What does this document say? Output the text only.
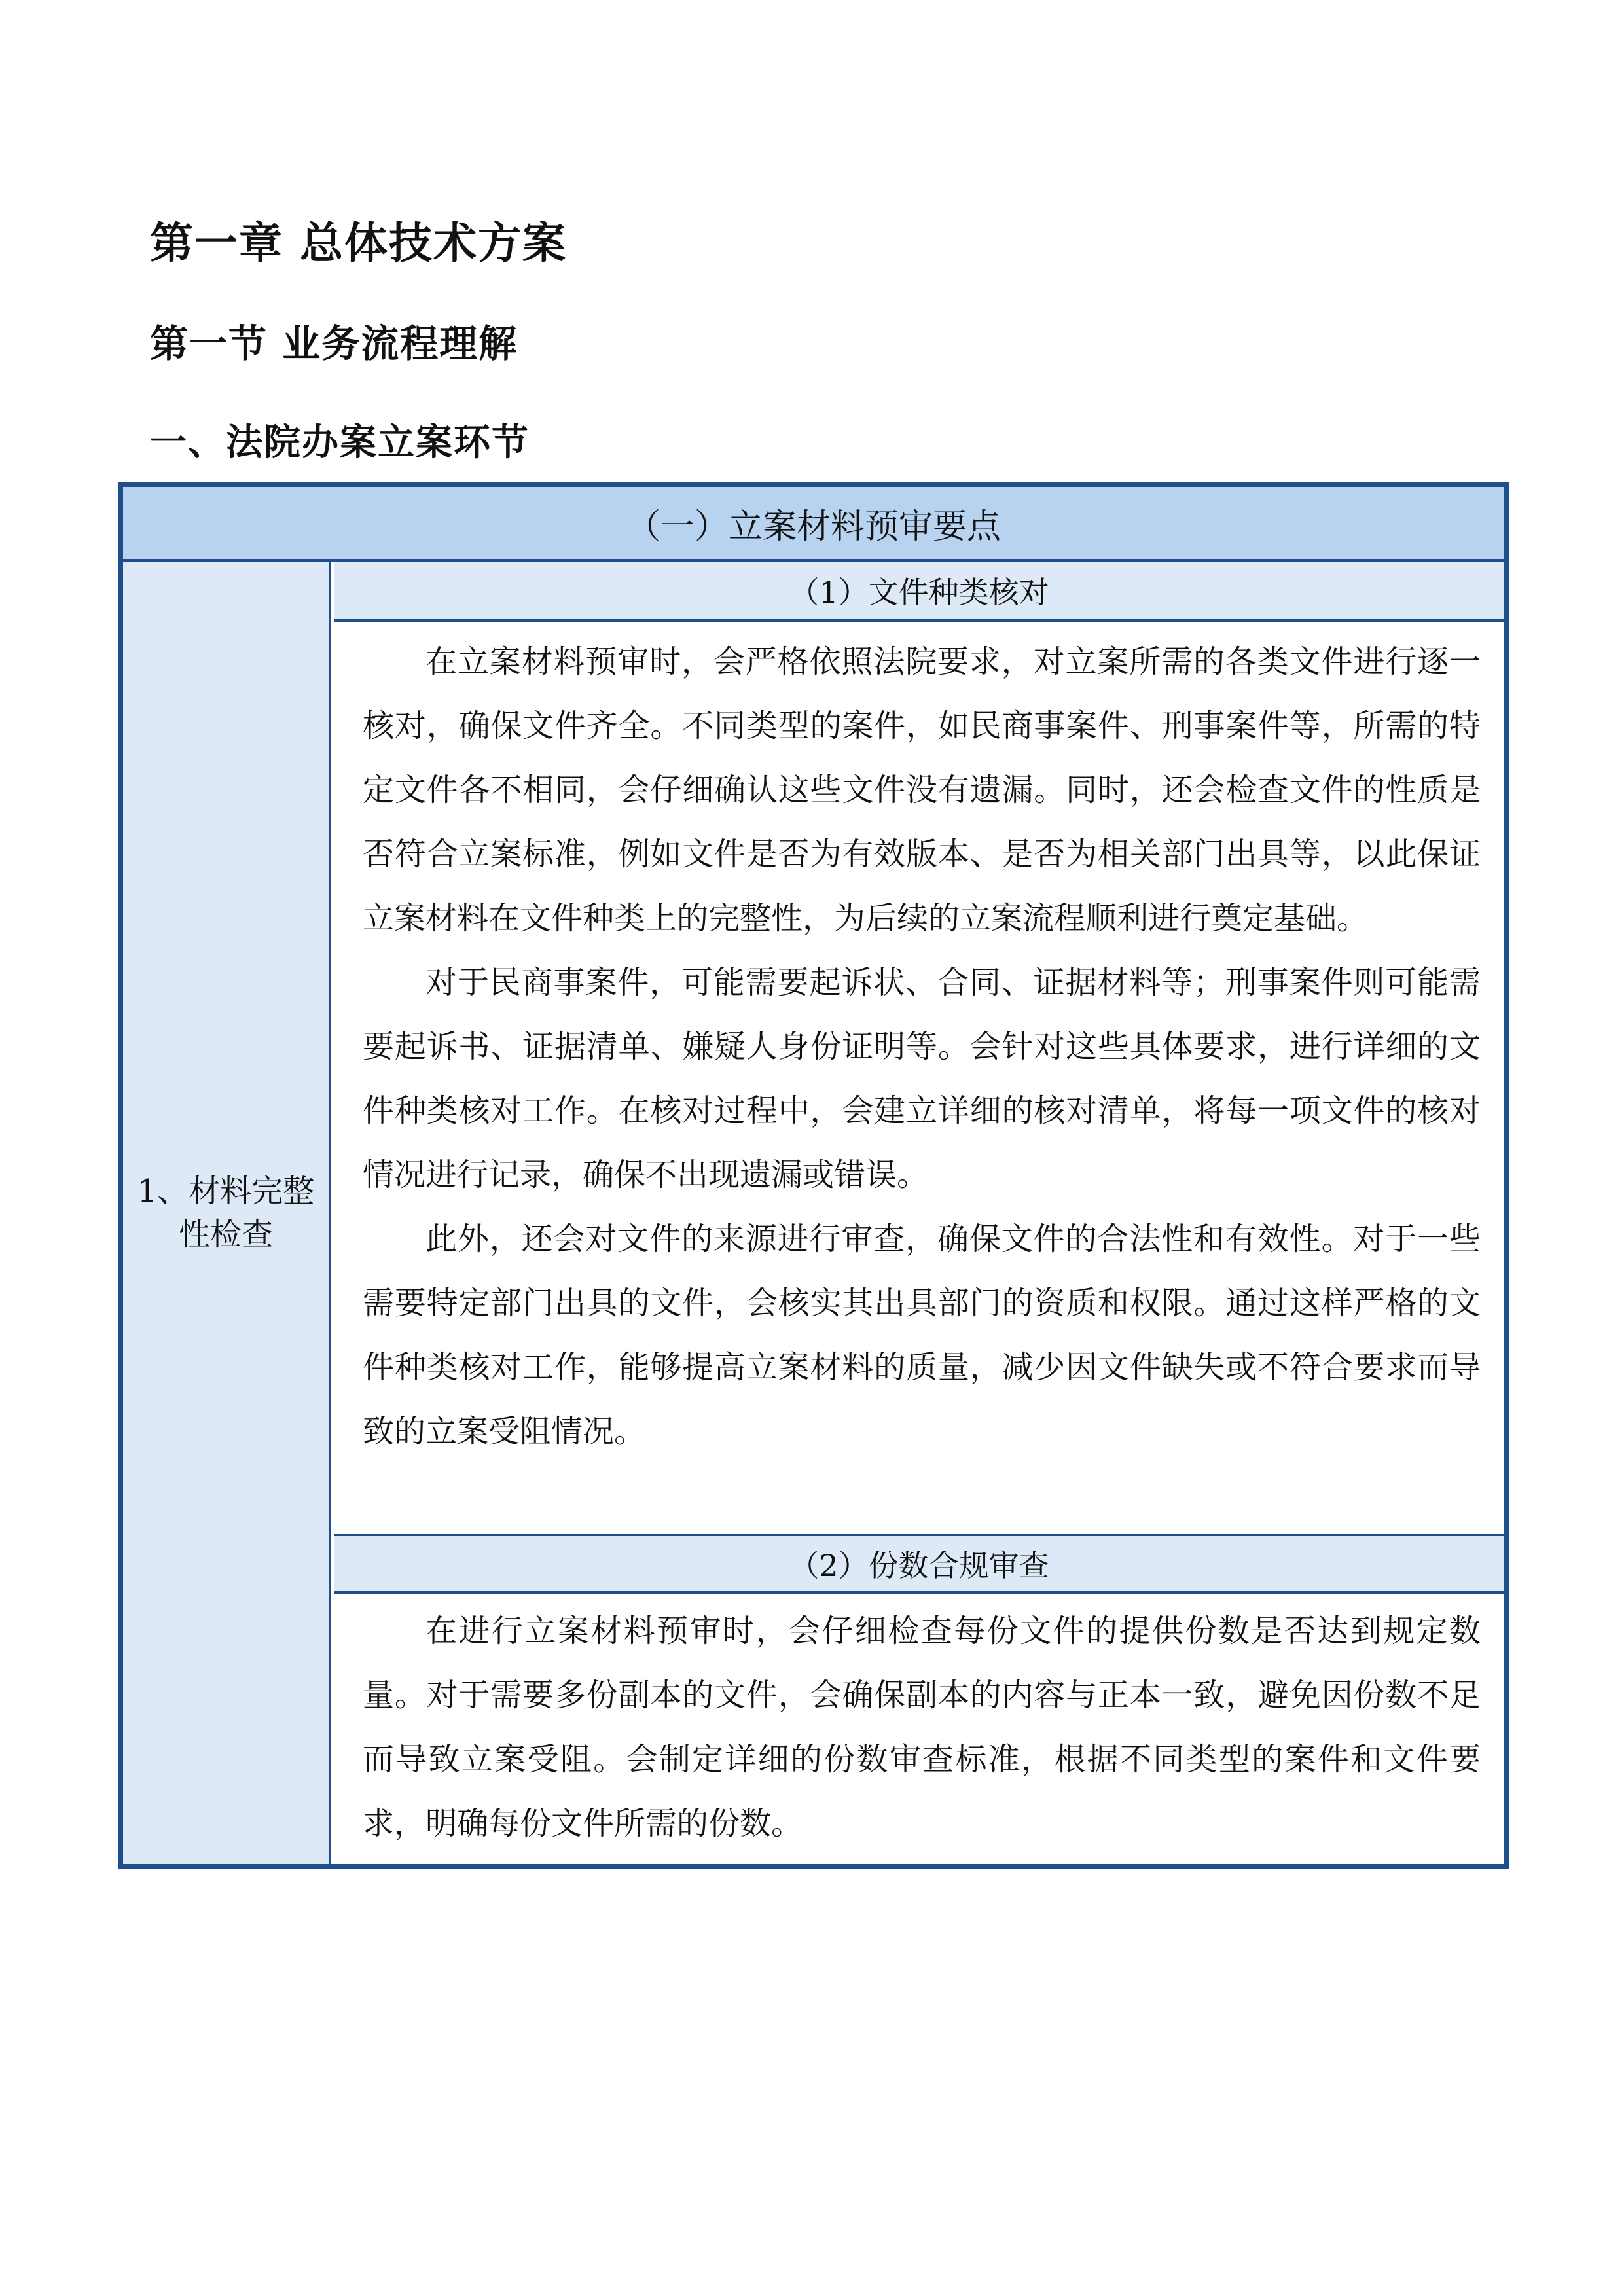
第一章 总体技术方案
第一节 业务流程理解
一、法院办案立案环节
（一）立案材料预审要点
1、材料完整性检查
（1）文件种类核对

在立案材料预审时，会严格依照法院要求，对立案所需的各类文件进行逐一核对，确保文件齐全。不同类型的案件，如民商事案件、刑事案件等，所需的特定文件各不相同，会仔细确认这些文件没有遗漏。同时，还会检查文件的性质是否符合立案标准，例如文件是否为有效版本、是否为相关部门出具等，以此保证立案材料在文件种类上的完整性，为后续的立案流程顺利进行奠定基础。

对于民商事案件，可能需要起诉状、合同、证据材料等；刑事案件则可能需要起诉书、证据清单、嫌疑人身份证明等。会针对这些具体要求，进行详细的文件种类核对工作。在核对过程中，会建立详细的核对清单，将每一项文件的核对情况进行记录，确保不出现遗漏或错误。

此外，还会对文件的来源进行审查，确保文件的合法性和有效性。对于一些需要特定部门出具的文件，会核实其出具部门的资质和权限。通过这样严格的文件种类核对工作，能够提高立案材料的质量，减少因文件缺失或不符合要求而导致的立案受阻情况。

（2）份数合规审查

在进行立案材料预审时，会仔细检查每份文件的提供份数是否达到规定数量。对于需要多份副本的文件，会确保副本的内容与正本一致，避免因份数不足而导致立案受阻。会制定详细的份数审查标准，根据不同类型的案件和文件要求，明确每份文件所需的份数。
